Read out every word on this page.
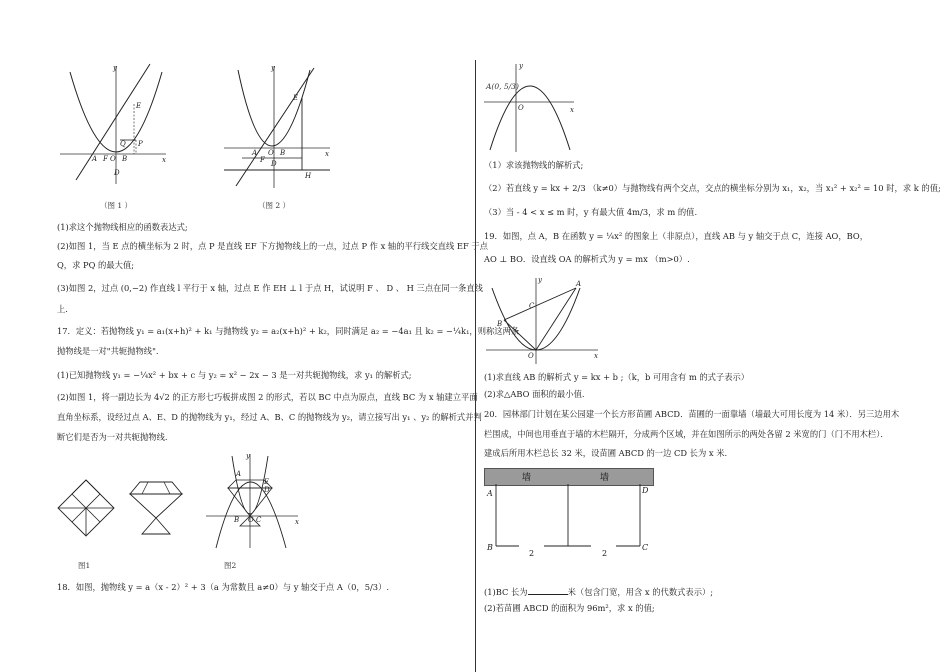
y
x
E
Q P
A F O B
D
（图 1 ）
y
x
E
H
A
F
O B
D
（图 2 ）
(1)求这个抛物线相应的函数表达式;
(2)如图 1，当 E 点的横坐标为 2 时，点 P 是直线 EF 下方抛物线上的一点，过点 P 作 x 轴的平行线交直线 EF 于点
Q，求 PQ 的最大值;
(3)如图 2，过点 (0,−2) 作直线 l 平行于 x 轴，过点 E 作 EH ⊥ l 于点 H，试说明 F 、 D 、 H 三点在同一条直线
上.
17．定义：若抛物线 y₁ = a₁(x+h)² + k₁ 与抛物线 y₂ = a₂(x+h)² + k₂，同时满足 a₂ = −4a₁ 且 k₂ = −¼k₁，则称这两条
抛物线是一对"共轭抛物线".
(1)已知抛物线 y₁ = −¼x² + bx + c 与 y₂ = x² − 2x − 3 是一对共轭抛物线，求 y₁ 的解析式;
(2)如图 1，将一副边长为 4√2 的正方形七巧板拼成图 2 的形式，若以 BC 中点为原点，直线 BC 为 x 轴建立平面
直角坐标系，设经过点 A、E、D 的抛物线为 y₁，经过 A、B、C 的抛物线为 y₂，请立接写出 y₁ 、y₂ 的解析式并判
断它们是否为一对共轭抛物线.
图1
y
x
A
E
D
B O C
图2
18．如图，抛物线 y = a（x - 2）² + 3（a 为常数且 a≠0）与 y 轴交于点 A（0，5/3）.
y
x
O
A(0, 5/3)
（1）求该抛物线的解析式;
（2）若直线 y = kx + 2/3 （k≠0）与抛物线有两个交点，交点的横坐标分别为 x₁，x₂，当 x₁² + x₂² = 10 时，求 k 的值;
（3）当 - 4 < x ≤ m 时，y 有最大值 4m/3，求 m 的值.
19．如图，点 A，B 在函数 y = ¼x² 的图象上（非原点），直线 AB 与 y 轴交于点 C，连接 AO，BO，
AO ⊥ BO．设直线 OA 的解析式为 y = mx （m>0）.
y
x
A
B
C
O
(1)求直线 AB 的解析式 y = kx + b ;（k，b 可用含有 m 的式子表示）
(2)求△ABO 面积的最小值.
20．园林部门计划在某公园建一个长方形苗圃 ABCD．苗圃的一面靠墙（墙最大可用长度为 14 米）．另三边用木
栏围成，中间也用垂直于墙的木栏隔开，分成两个区域，并在如图所示的两处各留 2 米宽的门（门不用木栏）．
建成后所用木栏总长 32 米，设苗圃 ABCD 的一边 CD 长为 x 米.
墙	墙
A	D
B	C
2	2
(1)BC 长为	米（包含门宽，用含 x 的代数式表示）;
(2)若苗圃 ABCD 的面积为 96m²，求 x 的值;
